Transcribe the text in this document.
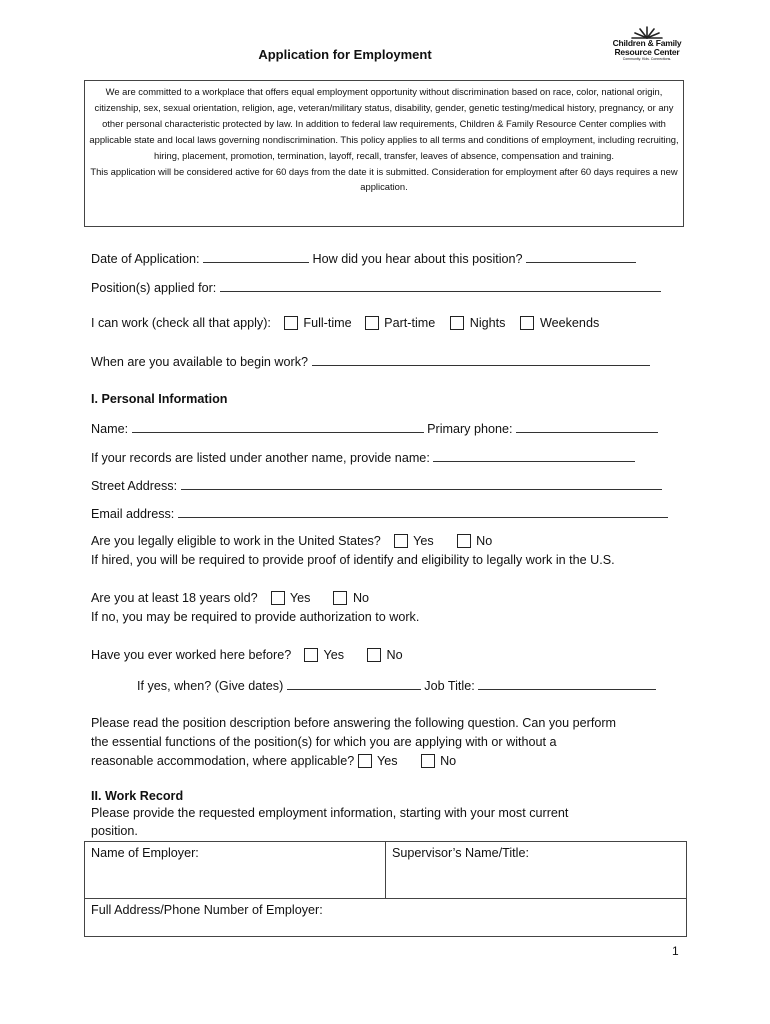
Application for Employment
Children & Family
Resource Center
Community. Kids. Connections.
We are committed to a workplace that offers equal employment opportunity without discrimination based on race, color, national origin, citizenship, sex, sexual orientation, religion, age, veteran/military status, disability, gender, genetic testing/medical history, pregnancy, or any other personal characteristic protected by law. In addition to federal law requirements, Children & Family Resource Center complies with applicable state and local laws governing nondiscrimination. This policy applies to all terms and conditions of employment, including recruiting, hiring, placement, promotion, termination, layoff, recall, transfer, leaves of absence, compensation and training.
This application will be considered active for 60 days from the date it is submitted. Consideration for employment after 60 days requires a new application.
Date of Application:	How did you hear about this position?
Position(s) applied for:
I can work (check all that apply):	Full-time	Part-time	Nights	Weekends
When are you available to begin work?
I. Personal Information
Name:	Primary phone:
If your records are listed under another name, provide name:
Street Address:
Email address:
Are you legally eligible to work in the United States?	Yes	No
If hired, you will be required to provide proof of identify and eligibility to legally work in the U.S.
Are you at least 18 years old?	Yes	No
If no, you may be required to provide authorization to work.
Have you ever worked here before?	Yes	No
If yes, when? (Give dates)	Job Title:
Please read the position description before answering the following question. Can you perform
the essential functions of the position(s) for which you are applying with or without a
reasonable accommodation, where applicable? Yes	No
II. Work Record
Please provide the requested employment information, starting with your most current
position.
Name of Employer:	Supervisor’s Name/Title:
Full Address/Phone Number of Employer:
1
